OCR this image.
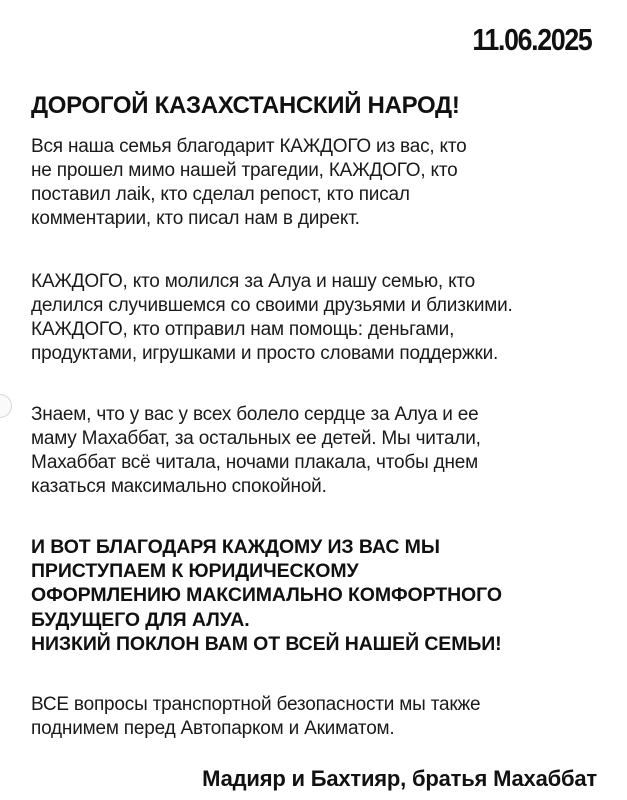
11.06.2025
ДОРОГОЙ КАЗАХСТАНСКИЙ НАРОД!
Вся наша семья благодарит КАЖДОГО из вас, кто
не прошел мимо нашей трагедии, КАЖДОГО, кто
поставил лaik, кто сделал репост, кто писал
комментарии, кто писал нам в директ.
КАЖДОГО, кто молился за Алуа и нашу семью, кто
делился случившемся со своими друзьями и близкими.
КАЖДОГО, кто отправил нам помощь: деньгами,
продуктами, игрушками и просто словами поддержки.
Знаем, что у вас у всех болело сердце за Алуа и ее
маму Махаббат, за остальных ее детей. Мы читали,
Махаббат всё читала, ночами плакала, чтобы днем
казаться максимально спокойной.
И ВОТ БЛАГОДАРЯ КАЖДОМУ ИЗ ВАС МЫ
ПРИСТУПАЕМ К ЮРИДИЧЕСКОМУ
ОФОРМЛЕНИЮ МАКСИМАЛЬНО КОМФОРТНОГО
БУДУЩЕГО ДЛЯ АЛУА.
НИЗКИЙ ПОКЛОН ВАМ ОТ ВСЕЙ НАШЕЙ СЕМЬИ!
ВСЕ вопросы транспортной безопасности мы также
поднимем перед Автопарком и Акиматом.
Мадияр и Бахтияр, братья Махаббат
